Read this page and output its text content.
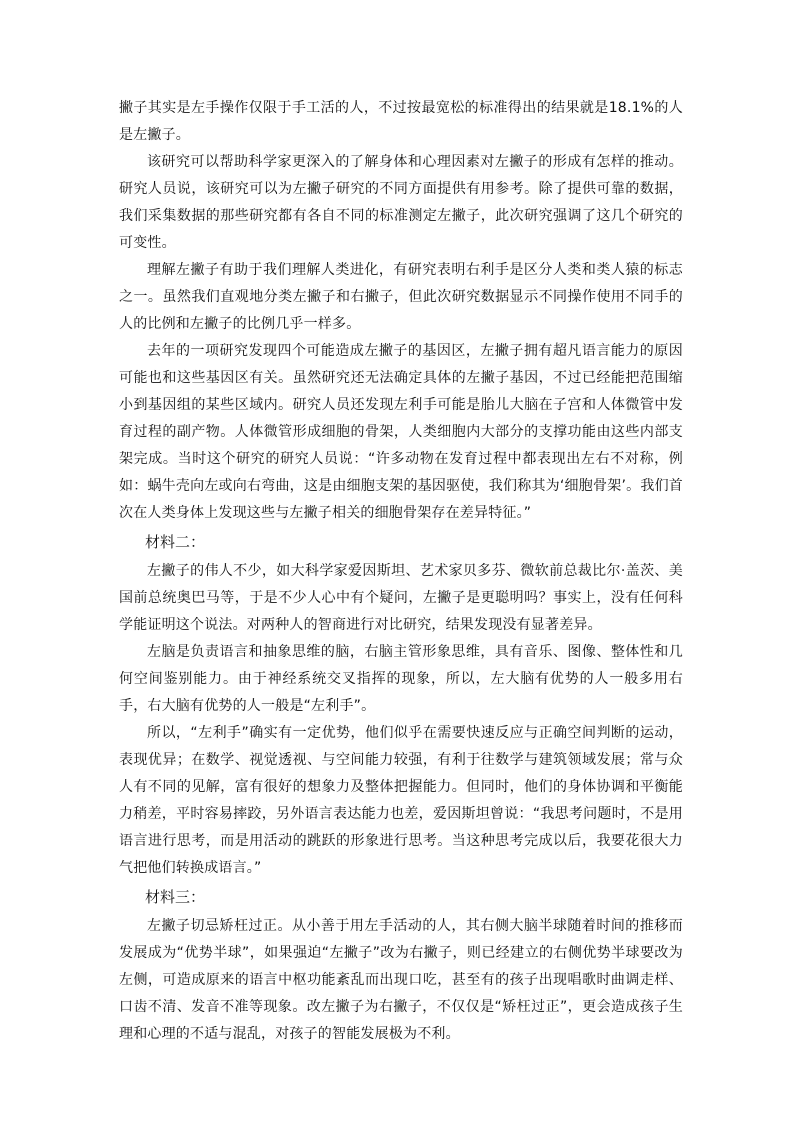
撇子其实是左手操作仅限于手工活的人，不过按最宽松的标准得出的结果就是18.1%的人是左撇子。

该研究可以帮助科学家更深入的了解身体和心理因素对左撇子的形成有怎样的推动。研究人员说，该研究可以为左撇子研究的不同方面提供有用参考。除了提供可靠的数据，我们采集数据的那些研究都有各自不同的标准测定左撇子，此次研究强调了这几个研究的可变性。

理解左撇子有助于我们理解人类进化，有研究表明右利手是区分人类和类人猿的标志之一。虽然我们直观地分类左撇子和右撇子，但此次研究数据显示不同操作使用不同手的人的比例和左撇子的比例几乎一样多。

去年的一项研究发现四个可能造成左撇子的基因区，左撇子拥有超凡语言能力的原因可能也和这些基因区有关。虽然研究还无法确定具体的左撇子基因，不过已经能把范围缩小到基因组的某些区域内。研究人员还发现左利手可能是胎儿大脑在子宫和人体微管中发育过程的副产物。人体微管形成细胞的骨架，人类细胞内大部分的支撑功能由这些内部支架完成。当时这个研究的研究人员说：“许多动物在发育过程中都表现出左右不对称，例如：蜗牛壳向左或向右弯曲，这是由细胞支架的基因驱使，我们称其为‘细胞骨架’。我们首次在人类身体上发现这些与左撇子相关的细胞骨架存在差异特征。”

材料二：

左撇子的伟人不少，如大科学家爱因斯坦、艺术家贝多芬、微软前总裁比尔·盖茨、美国前总统奥巴马等，于是不少人心中有个疑问，左撇子是更聪明吗？事实上，没有任何科学能证明这个说法。对两种人的智商进行对比研究，结果发现没有显著差异。

左脑是负责语言和抽象思维的脑，右脑主管形象思维，具有音乐、图像、整体性和几何空间鉴别能力。由于神经系统交叉指挥的现象，所以，左大脑有优势的人一般多用右手，右大脑有优势的人一般是“左利手”。

所以，“左利手”确实有一定优势，他们似乎在需要快速反应与正确空间判断的运动，表现优异；在数学、视觉透视、与空间能力较强，有利于往数学与建筑领域发展；常与众人有不同的见解，富有很好的想象力及整体把握能力。但同时，他们的身体协调和平衡能力稍差，平时容易摔跤，另外语言表达能力也差，爱因斯坦曾说：“我思考问题时，不是用语言进行思考，而是用活动的跳跃的形象进行思考。当这种思考完成以后，我要花很大力气把他们转换成语言。”

材料三：

左撇子切忌矫枉过正。从小善于用左手活动的人，其右侧大脑半球随着时间的推移而发展成为“优势半球”，如果强迫“左撇子”改为右撇子，则已经建立的右侧优势半球要改为左侧，可造成原来的语言中枢功能紊乱而出现口吃，甚至有的孩子出现唱歌时曲调走样、口齿不清、发音不准等现象。改左撇子为右撇子，不仅仅是“矫枉过正”，更会造成孩子生理和心理的不适与混乱，对孩子的智能发展极为不利。
